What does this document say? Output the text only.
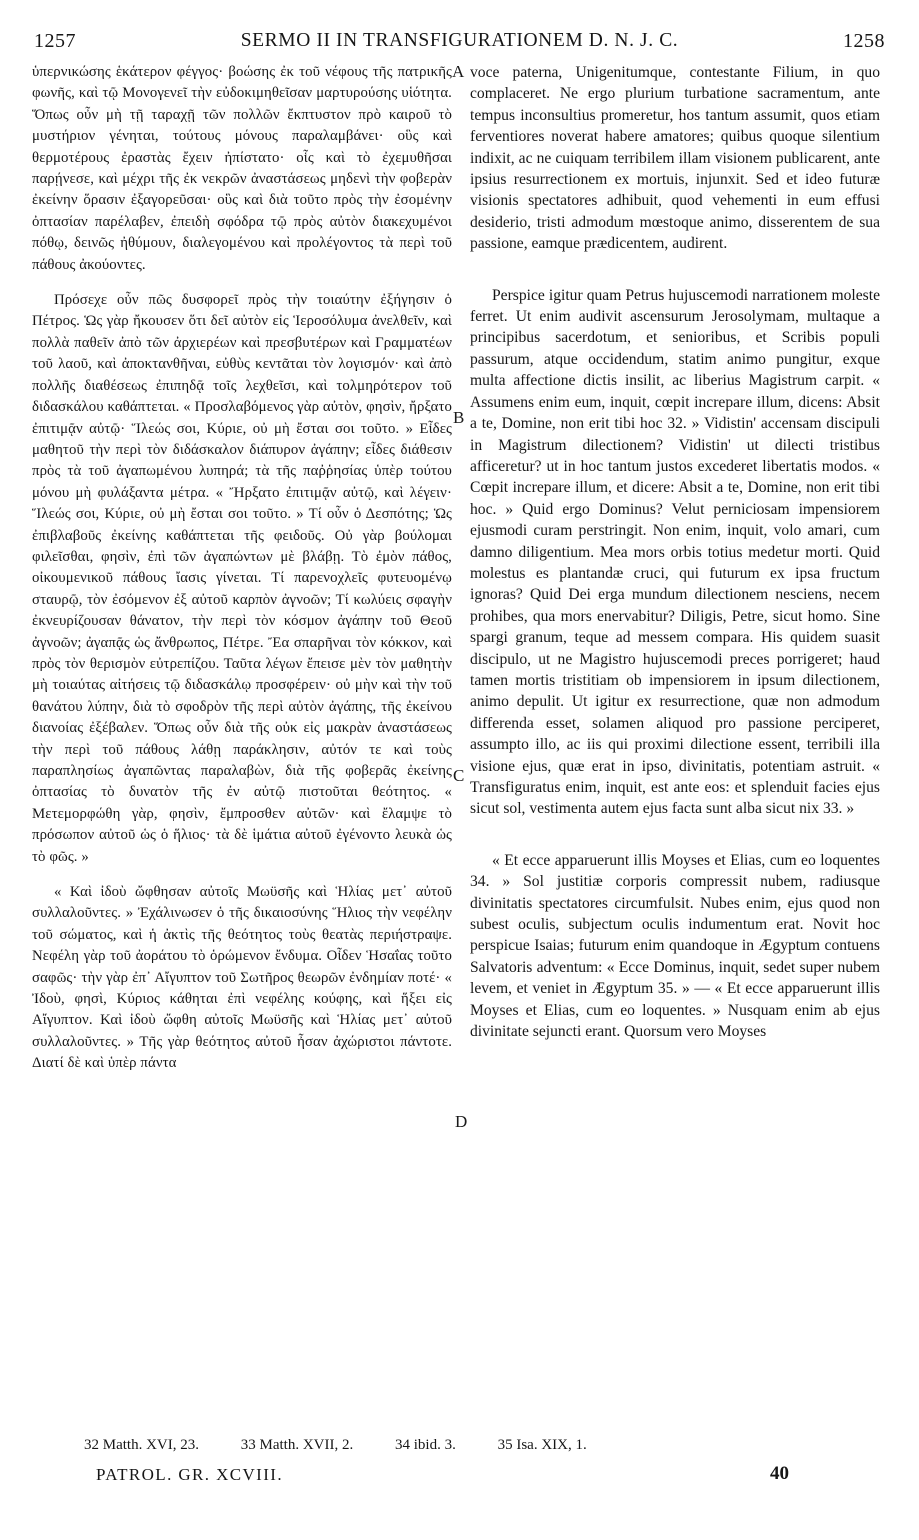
1257	SERMO II IN TRANSFIGURATIONEM D. N. J. C.	1258

ὑπερνικώσης ἑκάτερον φέγγος· βοώσης ἐκ τοῦ νέφους τῆς πατρικῆς φωνῆς, καὶ τῷ Μονογενεῖ τὴν εὐδοκιμηθεῖσαν μαρτυρούσης υἱότητα. Ὅπως οὖν μὴ τῇ ταραχῇ τῶν πολλῶν ἔκπτυστον πρὸ καιροῦ τὸ μυστήριον γένηται, τούτους μόνους παραλαμβάνει· οὓς καὶ θερμοτέρους ἐραστὰς ἔχειν ἠπίστατο· οἷς καὶ τὸ ἐχεμυθῆσαι παρῄνεσε, καὶ μέχρι τῆς ἐκ νεκρῶν ἀναστάσεως μηδενὶ τὴν φοβερὰν ἐκείνην ὅρασιν ἐξαγορεῦσαι· οὓς καὶ διὰ τοῦτο πρὸς τὴν ἐσομένην ὀπτασίαν παρέλαβεν, ἐπειδὴ σφόδρα τῷ πρὸς αὐτὸν διακεχυμένοι πόθῳ, δεινῶς ἠθύμουν, διαλεγομένου καὶ προλέγοντος τὰ περὶ τοῦ πάθους ἀκούοντες.

Πρόσεχε οὖν πῶς δυσφορεῖ πρὸς τὴν τοιαύτην ἐξήγησιν ὁ Πέτρος. Ὡς γὰρ ἤκουσεν ὅτι δεῖ αὐτὸν εἰς Ἱεροσόλυμα ἀνελθεῖν, καὶ πολλὰ παθεῖν ἀπὸ τῶν ἀρχιερέων καὶ πρεσβυτέρων καὶ Γραμματέων τοῦ λαοῦ, καὶ ἀποκτανθῆναι, εὐθὺς κεντᾶται τὸν λογισμόν· καὶ ἀπὸ πολλῆς διαθέσεως ἐπιπηδᾷ τοῖς λεχθεῖσι, καὶ τολμηρότερον τοῦ διδασκάλου καθάπτεται. « Προσλαβόμενος γὰρ αὐτὸν, φησὶν, ἤρξατο ἐπιτιμᾷν αὐτῷ· Ἵλεώς σοι, Κύριε, οὐ μὴ ἔσται σοι τοῦτο. » Εἶδες μαθητοῦ τὴν περὶ τὸν διδάσκαλον διάπυρον ἀγάπην; εἶδες διάθεσιν πρὸς τὰ τοῦ ἀγαπωμένου λυπηρά; τὰ τῆς παῤῥησίας ὑπὲρ τούτου μόνου μὴ φυλάξαντα μέτρα. « Ἤρξατο ἐπιτιμᾷν αὐτῷ, καὶ λέγειν· Ἵλεώς σοι, Κύριε, οὐ μὴ ἔσται σοι τοῦτο. » Τί οὖν ὁ Δεσπότης; Ὡς ἐπιβλαβοῦς ἐκείνης καθάπτεται τῆς φειδοῦς. Οὐ γὰρ βούλομαι φιλεῖσθαι, φησὶν, ἐπὶ τῶν ἀγαπώντων μὲ βλάβῃ. Τὸ ἐμὸν πάθος, οἰκουμενικοῦ πάθους ἴασις γίνεται. Τί παρενοχλεῖς φυτευομένῳ σταυρῷ, τὸν ἐσόμενον ἐξ αὐτοῦ καρπὸν ἀγνοῶν; Τί κωλύεις σφαγὴν ἐκνευρίζουσαν θάνατον, τὴν περὶ τὸν κόσμον ἀγάπην τοῦ Θεοῦ ἀγνοῶν; ἀγαπᾷς ὡς ἄνθρωπος, Πέτρε. Ἔα σπαρῆναι τὸν κόκκον, καὶ πρὸς τὸν θερισμὸν εὐτρεπίζου. Ταῦτα λέγων ἔπεισε μὲν τὸν μαθητὴν μὴ τοιαύτας αἰτήσεις τῷ διδασκάλῳ προσφέρειν· οὐ μὴν καὶ τὴν τοῦ θανάτου λύπην, διὰ τὸ σφοδρὸν τῆς περὶ αὐτὸν ἀγάπης, τῆς ἐκείνου διανοίας ἐξέβαλεν. Ὅπως οὖν διὰ τῆς οὐκ εἰς μακρὰν ἀναστάσεως τὴν περὶ τοῦ πάθους λάθῃ παράκλησιν, αὐτόν τε καὶ τοὺς παραπλησίως ἀγαπῶντας παραλαβὼν, διὰ τῆς φοβερᾶς ἐκείνης ὀπτασίας τὸ δυνατὸν τῆς ἐν αὐτῷ πιστοῦται θεότητος. « Μετεμορφώθη γὰρ, φησὶν, ἔμπροσθεν αὐτῶν· καὶ ἔλαμψε τὸ πρόσωπον αὐτοῦ ὡς ὁ ἥλιος· τὰ δὲ ἱμάτια αὐτοῦ ἐγένοντο λευκὰ ὡς τὸ φῶς. »

« Καὶ ἰδοὺ ὤφθησαν αὐτοῖς Μωϋσῆς καὶ Ἡλίας μετ᾿ αὐτοῦ συλλαλοῦντες. » Ἐχάλινωσεν ὁ τῆς δικαιοσύνης Ἥλιος τὴν νεφέλην τοῦ σώματος, καὶ ἡ ἀκτὶς τῆς θεότητος τοὺς θεατὰς περιήστραψε. Νεφέλη γὰρ τοῦ ἀοράτου τὸ ὁρώμενον ἔνδυμα. Οἶδεν Ἡσαΐας τοῦτο σαφῶς· τὴν γὰρ ἐπ᾿ Αἴγυπτον τοῦ Σωτῆρος θεωρῶν ἐνδημίαν ποτέ· « Ἰδοὺ, φησὶ, Κύριος κάθηται ἐπὶ νεφέλης κούφης, καὶ ἥξει εἰς Αἴγυπτον. Καὶ ἰδοὺ ὤφθη αὐτοῖς Μωϋσῆς καὶ Ἡλίας μετ᾿ αὐτοῦ συλλαλοῦντες. » Τῆς γὰρ θεότητος αὐτοῦ ἦσαν ἀχώριστοι πάντοτε. Διατί δὲ καὶ ὑπὲρ πάντα

A
B
C
D

voce paterna, Unigenitumque, contestante Filium, in quo complaceret. Ne ergo plurium turbatione sacramentum, ante tempus inconsultius promeretur, hos tantum assumit, quos etiam ferventiores noverat habere amatores; quibus quoque silentium indixit, ac ne cuiquam terribilem illam visionem publicarent, ante ipsius resurrectionem ex mortuis, injunxit. Sed et ideo futuræ visionis spectatores adhibuit, quod vehementi in eum effusi desiderio, tristi admodum mœstoque animo, disserentem de sua passione, eamque prædicentem, audirent.

Perspice igitur quam Petrus hujuscemodi narrationem moleste ferret. Ut enim audivit ascensurum Jerosolymam, multaque a principibus sacerdotum, et senioribus, et Scribis populi passurum, atque occidendum, statim animo pungitur, exque multa affectione dictis insilit, ac liberius Magistrum carpit. « Assumens enim eum, inquit, cœpit increpare illum, dicens: Absit a te, Domine, non erit tibi hoc 32. » Vidistin' accensam discipuli in Magistrum dilectionem? Vidistin' ut dilecti tristibus afficeretur? ut in hoc tantum justos excederet libertatis modos. « Cœpit increpare illum, et dicere: Absit a te, Domine, non erit tibi hoc. » Quid ergo Dominus? Velut perniciosam impensiorem ejusmodi curam perstringit. Non enim, inquit, volo amari, cum damno diligentium. Mea mors orbis totius medetur morti. Quid molestus es plantandæ cruci, qui futurum ex ipsa fructum ignoras? Quid Dei erga mundum dilectionem nesciens, necem prohibes, qua mors enervabitur? Diligis, Petre, sicut homo. Sine spargi granum, teque ad messem compara. His quidem suasit discipulo, ut ne Magistro hujuscemodi preces porrigeret; haud tamen mortis tristitiam ob impensiorem in ipsum dilectionem, animo depulit. Ut igitur ex resurrectione, quæ non admodum differenda esset, solamen aliquod pro passione perciperet, assumpto illo, ac iis qui proximi dilectione essent, terribili illa visione ejus, quæ erat in ipso, divinitatis, potentiam astruit. « Transfiguratus enim, inquit, est ante eos: et splenduit facies ejus sicut sol, vestimenta autem ejus facta sunt alba sicut nix 33. »

« Et ecce apparuerunt illis Moyses et Elias, cum eo loquentes 34. » Sol justitiæ corporis compressit nubem, radiusque divinitatis spectatores circumfulsit. Nubes enim, ejus quod non subest oculis, subjectum oculis indumentum erat. Novit hoc perspicue Isaias; futurum enim quandoque in Ægyptum contuens Salvatoris adventum: « Ecce Dominus, inquit, sedet super nubem levem, et veniet in Ægyptum 35. » — « Et ecce apparuerunt illis Moyses et Elias, cum eo loquentes. » Nusquam enim ab ejus divinitate sejuncti erant. Quorsum vero Moyses

32 Matth. XVI, 23.	33 Matth. XVII, 2.	34 ibid. 3.	35 Isa. XIX, 1.
PATROL. GR. XCVIII.	40
